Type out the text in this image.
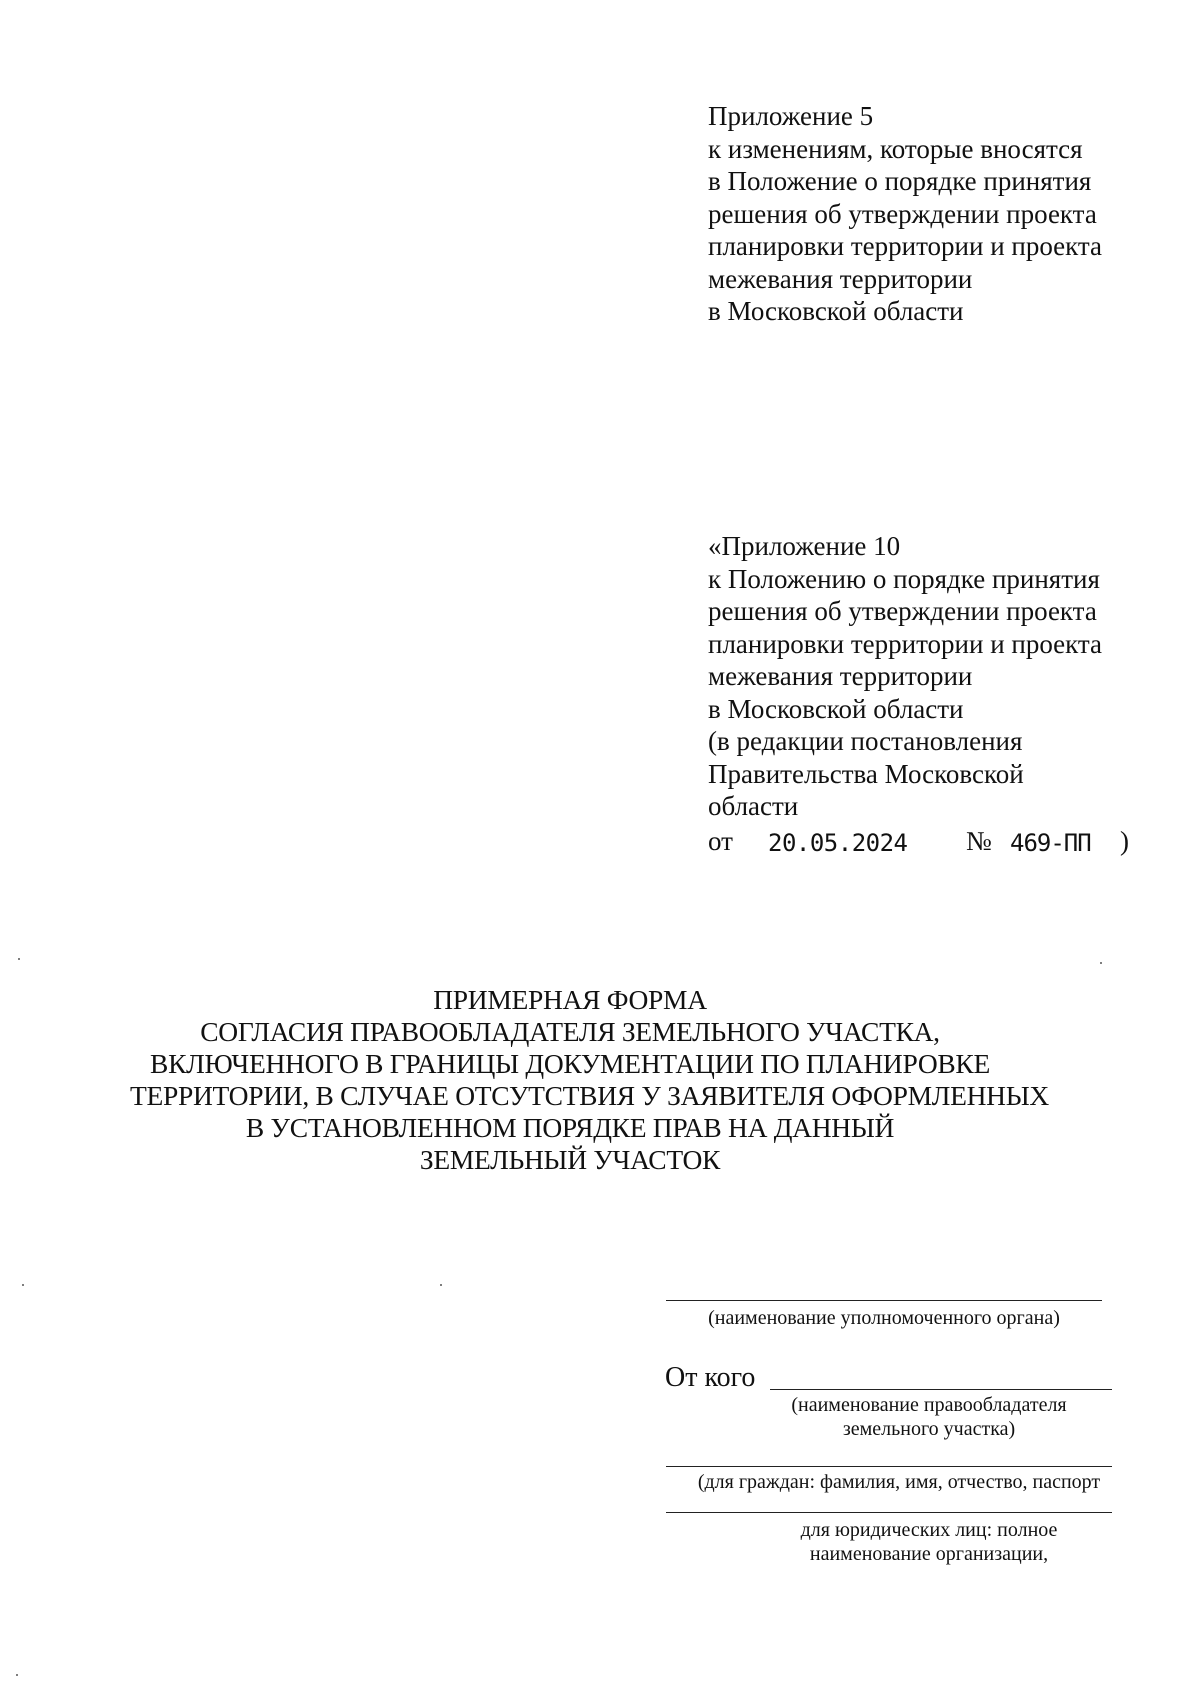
Приложение 5
к изменениям, которые вносятся
в Положение о порядке принятия
решения об утверждении проекта
планировки территории и проекта
межевания территории
в Московской области
«Приложение 10
к Положению о порядке принятия
решения об утверждении проекта
планировки территории и проекта
межевания территории
в Московской области
(в редакции постановления
Правительства Московской
области
от 20.05.2024 № 469-ПП )
ПРИМЕРНАЯ ФОРМА
СОГЛАСИЯ ПРАВООБЛАДАТЕЛЯ ЗЕМЕЛЬНОГО УЧАСТКА,
ВКЛЮЧЕННОГО В ГРАНИЦЫ ДОКУМЕНТАЦИИ ПО ПЛАНИРОВКЕ
ТЕРРИТОРИИ, В СЛУЧАЕ ОТСУТСТВИЯ У ЗАЯВИТЕЛЯ ОФОРМЛЕННЫХ
В УСТАНОВЛЕННОМ ПОРЯДКЕ ПРАВ НА ДАННЫЙ
ЗЕМЕЛЬНЫЙ УЧАСТОК
(наименование уполномоченного органа)
От кого
(наименование правообладателя
земельного участка)
(для граждан: фамилия, имя, отчество, паспорт
для юридических лиц: полное
наименование организации,
